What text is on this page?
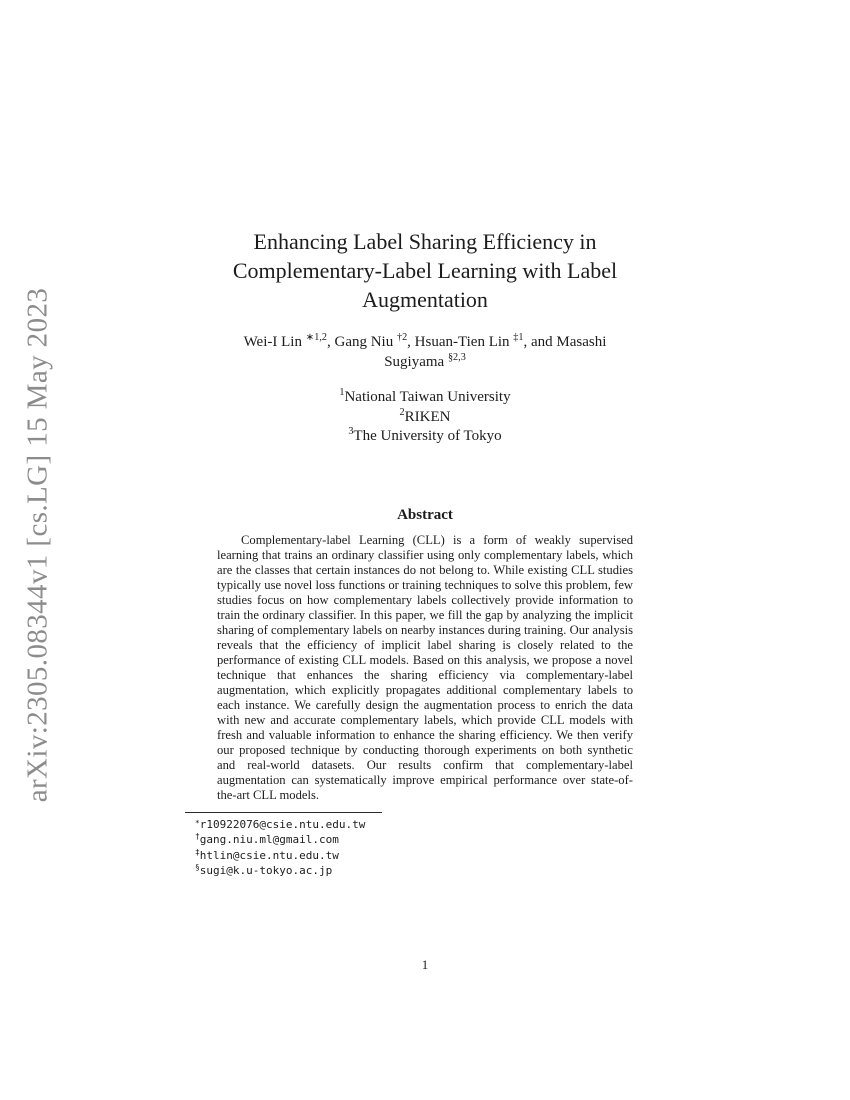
arXiv:2305.08344v1 [cs.LG] 15 May 2023
Enhancing Label Sharing Efficiency in
Complementary-Label Learning with Label
Augmentation
Wei-I Lin $^{∗1,2}$, Gang Niu $^{\dagger 2}$, Hsuan-Tien Lin $^{\ddagger 1}$, and Masashi
Sugiyama $^{\S 2,3}$
$^1$National Taiwan University
$^2$RIKEN
$^3$The University of Tokyo
Abstract

Complementary-label Learning (CLL) is a form of weakly supervised learning that trains an ordinary classifier using only complementary labels, which are the classes that certain instances do not belong to. While existing CLL studies typically use novel loss functions or training techniques to solve this problem, few studies focus on how complementary labels collectively provide information to train the ordinary classifier. In this paper, we fill the gap by analyzing the implicit sharing of complementary labels on nearby instances during training. Our analysis reveals that the efficiency of implicit label sharing is closely related to the performance of existing CLL models. Based on this analysis, we propose a novel technique that enhances the sharing efficiency via complementary-label augmentation, which explicitly propagates additional complementary labels to each instance. We carefully design the augmentation process to enrich the data with new and accurate complementary labels, which provide CLL models with fresh and valuable information to enhance the sharing efficiency. We then verify our proposed technique by conducting thorough experiments on both synthetic and real-world datasets. Our results confirm that complementary-label augmentation can systematically improve empirical performance over state-of-the-art CLL models.

∗r10922076@csie.ntu.edu.tw
†gang.niu.ml@gmail.com
‡htlin@csie.ntu.edu.tw
§sugi@k.u-tokyo.ac.jp
1
